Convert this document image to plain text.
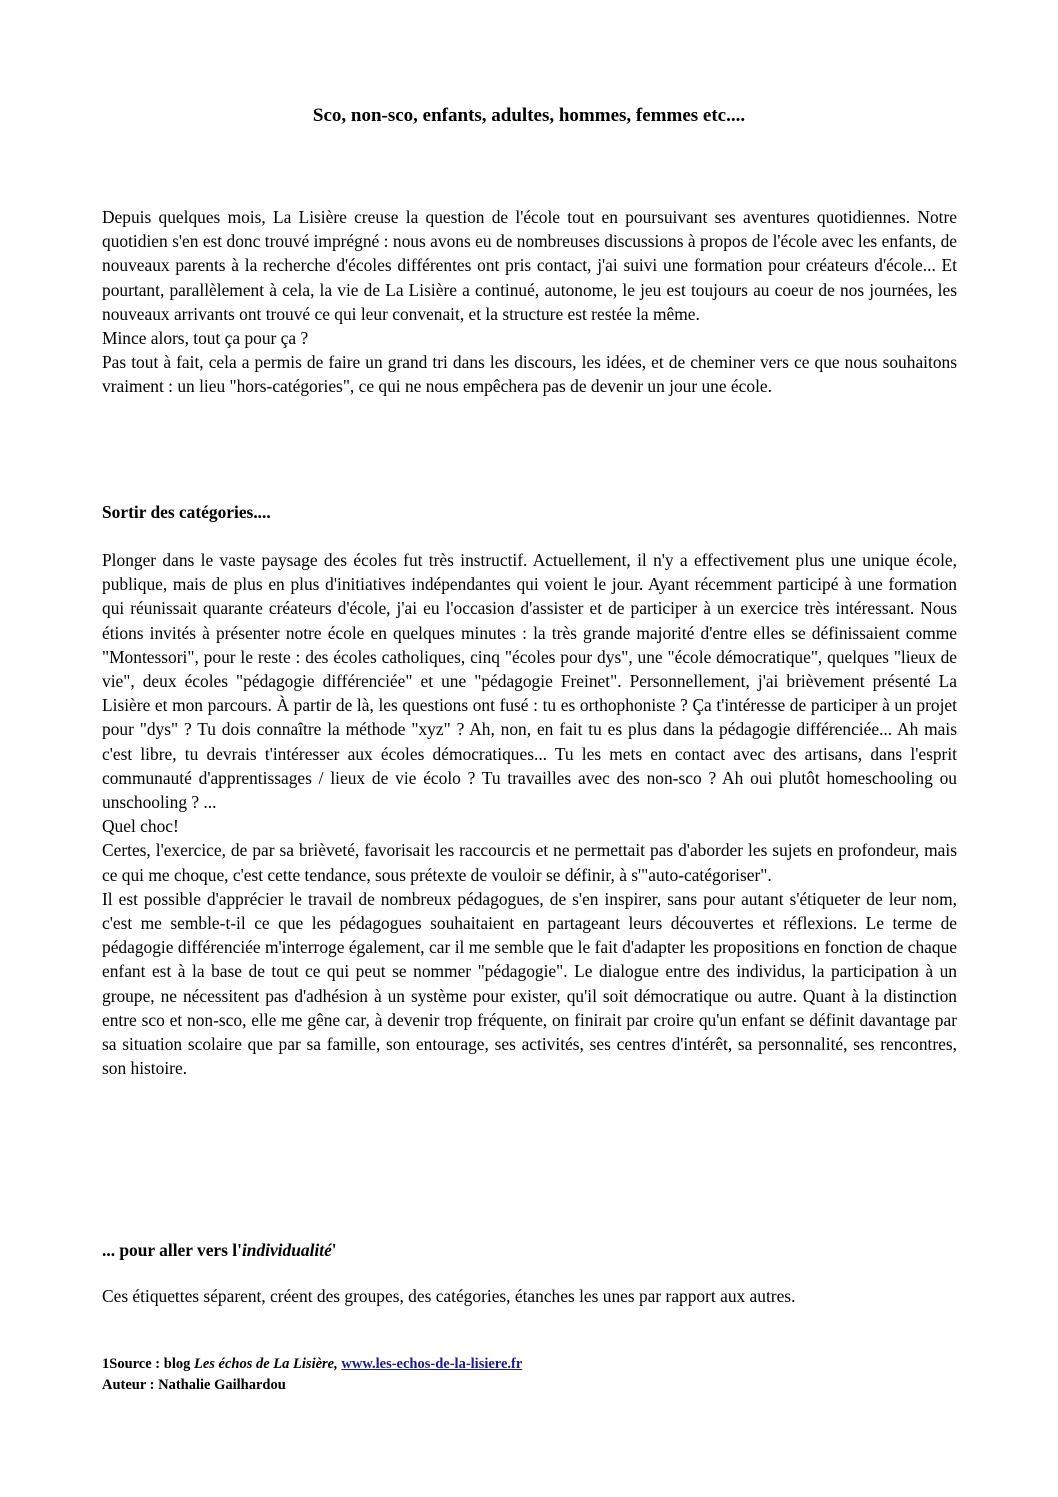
Sco, non-sco, enfants, adultes, hommes, femmes etc....

Depuis quelques mois, La Lisière creuse la question de l'école tout en poursuivant ses aventures quotidiennes. Notre quotidien s'en est donc trouvé imprégné : nous avons eu de nombreuses discussions à propos de l'école avec les enfants, de nouveaux parents à la recherche d'écoles différentes ont pris contact, j'ai suivi une formation pour créateurs d'école... Et pourtant, parallèlement à cela, la vie de La Lisière a continué, autonome, le jeu est toujours au coeur de nos journées, les nouveaux arrivants ont trouvé ce qui leur convenait, et la structure est restée la même.

Mince alors, tout ça pour ça ?

Pas tout à fait, cela a permis de faire un grand tri dans les discours, les idées, et de cheminer vers ce que nous souhaitons vraiment : un lieu "hors-catégories", ce qui ne nous empêchera pas de devenir un jour une école.

Sortir des catégories....

Plonger dans le vaste paysage des écoles fut très instructif. Actuellement, il n'y a effectivement plus une unique école, publique, mais de plus en plus d'initiatives indépendantes qui voient le jour. Ayant récemment participé à une formation qui réunissait quarante créateurs d'école, j'ai eu l'occasion d'assister et de participer à un exercice très intéressant. Nous étions invités à présenter notre école en quelques minutes : la très grande majorité d'entre elles se définissaient comme "Montessori", pour le reste : des écoles catholiques, cinq "écoles pour dys", une "école démocratique", quelques "lieux de vie", deux écoles "pédagogie différenciée" et une "pédagogie Freinet". Personnellement, j'ai brièvement présenté La Lisière et mon parcours. À partir de là, les questions ont fusé : tu es orthophoniste ? Ça t'intéresse de participer à un projet pour "dys" ? Tu dois connaître la méthode "xyz" ? Ah, non, en fait tu es plus dans la pédagogie différenciée... Ah mais c'est libre, tu devrais t'intéresser aux écoles démocratiques... Tu les mets en contact avec des artisans, dans l'esprit communauté d'apprentissages / lieux de vie écolo ? Tu travailles avec des non-sco ? Ah oui plutôt homeschooling ou unschooling ? ...

Quel choc!

Certes, l'exercice, de par sa brièveté, favorisait les raccourcis et ne permettait pas d'aborder les sujets en profondeur, mais ce qui me choque, c'est cette tendance, sous prétexte de vouloir se définir, à s'"auto-catégoriser".

Il est possible d'apprécier le travail de nombreux pédagogues, de s'en inspirer, sans pour autant s'étiqueter de leur nom, c'est me semble-t-il ce que les pédagogues souhaitaient en partageant leurs découvertes et réflexions. Le terme de pédagogie différenciée m'interroge également, car il me semble que le fait d'adapter les propositions en fonction de chaque enfant est à la base de tout ce qui peut se nommer "pédagogie". Le dialogue entre des individus, la participation à un groupe, ne nécessitent pas d'adhésion à un système pour exister, qu'il soit démocratique ou autre. Quant à la distinction entre sco et non-sco, elle me gêne car, à devenir trop fréquente, on finirait par croire qu'un enfant se définit davantage par sa situation scolaire que par sa famille, son entourage, ses activités, ses centres d'intérêt, sa personnalité, ses rencontres, son histoire.

... pour aller vers l'individualité'

Ces étiquettes séparent, créent des groupes, des catégories, étanches les unes par rapport aux autres.

1Source : blog Les échos de La Lisière, www.les-echos-de-la-lisiere.fr
Auteur : Nathalie Gailhardou
